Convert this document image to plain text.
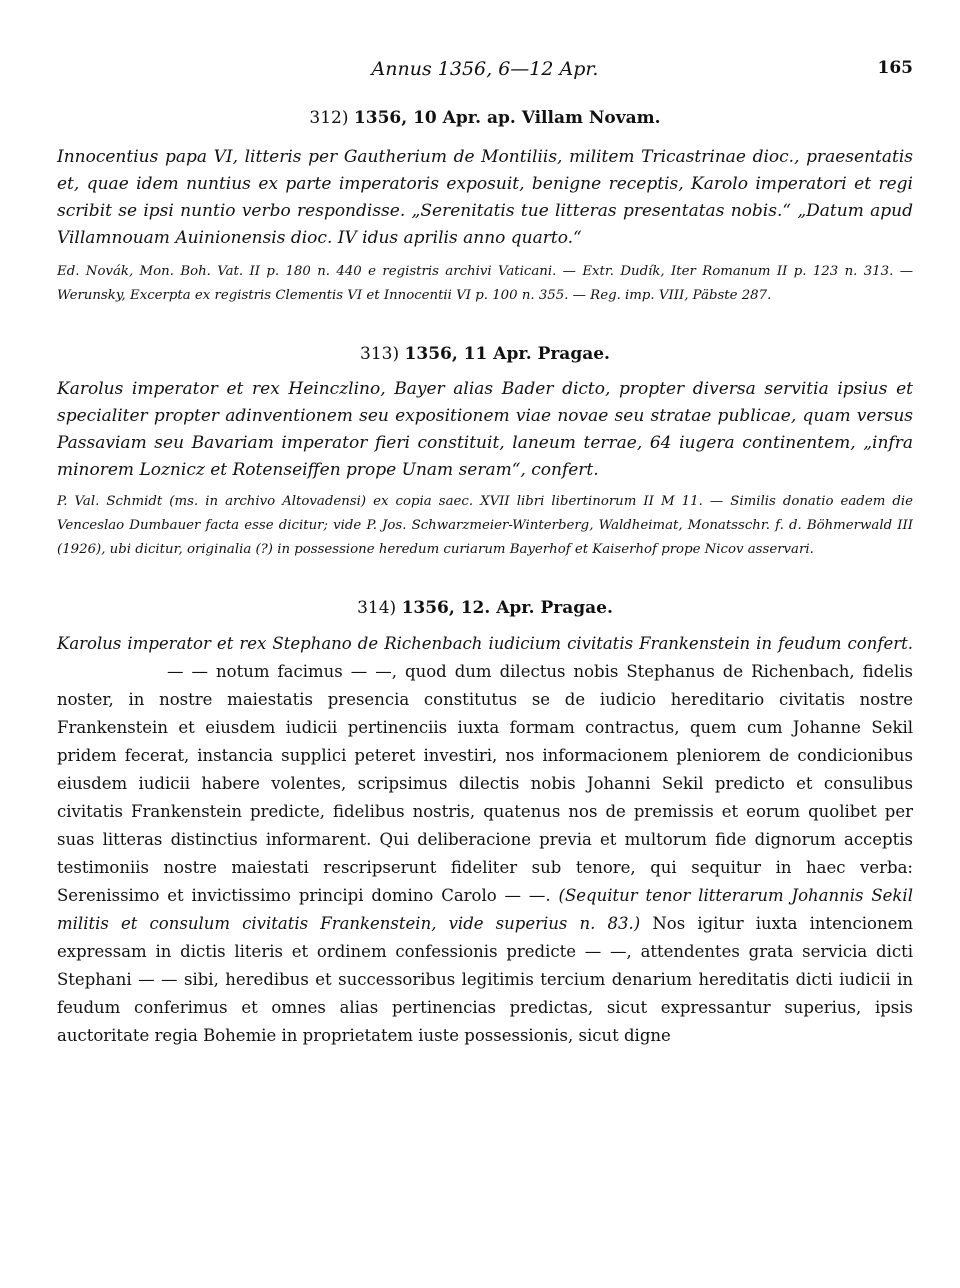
Annus 1356, 6—12 Apr.	165

312) 1356, 10 Apr. ap. Villam Novam.

Innocentius papa VI, litteris per Gautherium de Montiliis, militem Tricastrinae dioc., praesentatis et, quae idem nuntius ex parte imperatoris exposuit, benigne receptis, Karolo imperatori et regi scribit se ipsi nuntio verbo respondisse. „Serenitatis tue litteras presentatas nobis.“ „Datum apud Villamnouam Auinionensis dioc. IV idus aprilis anno quarto.“

Ed. Novák, Mon. Boh. Vat. II p. 180 n. 440 e registris archivi Vaticani. — Extr. Dudík, Iter Romanum II p. 123 n. 313. — Werunsky, Excerpta ex registris Clementis VI et Innocentii VI p. 100 n. 355. — Reg. imp. VIII, Päbste 287.

313) 1356, 11 Apr. Pragae.

Karolus imperator et rex Heinczlino, Bayer alias Bader dicto, propter diversa servitia ipsius et specialiter propter adinventionem seu expositionem viae novae seu stratae publicae, quam versus Passaviam seu Bavariam imperator fieri constituit, laneum terrae, 64 iugera continentem, „infra minorem Loznicz et Rotenseiffen prope Unam seram“, confert.

P. Val. Schmidt (ms. in archivo Altovadensi) ex copia saec. XVII libri libertinorum II M 11. — Similis donatio eadem die Venceslao Dumbauer facta esse dicitur; vide P. Jos. Schwarzmeier-Winterberg, Waldheimat, Monatsschr. f. d. Böhmerwald III (1926), ubi dicitur, originalia (?) in possessione heredum curiarum Bayerhof et Kaiserhof prope Nicov asservari.

314) 1356, 12. Apr. Pragae.

Karolus imperator et rex Stephano de Richenbach iudicium civitatis Frankenstein in feudum confert.— — notum facimus — —, quod dum dilectus nobis Stephanus de Richenbach, fidelis noster, in nostre maiestatis presencia constitutus se de iudicio hereditario civitatis nostre Frankenstein et eiusdem iudicii pertinenciis iuxta formam contractus, quem cum Johanne Sekil pridem fecerat, instancia supplici peteret investiri, nos informacionem pleniorem de condicionibus eiusdem iudicii habere volentes, scripsimus dilectis nobis Johanni Sekil predicto et consulibus civitatis Frankenstein predicte, fidelibus nostris, quatenus nos de premissis et eorum quolibet per suas litteras distinctius informarent. Qui deliberacione previa et multorum fide dignorum acceptis testimoniis nostre maiestati rescripserunt fideliter sub tenore, qui sequitur in haec verba: Serenissimo et invictissimo principi domino Carolo — —. (Sequitur tenor litterarum Johannis Sekil militis et consulum civitatis Frankenstein, vide superius n. 83.) Nos igitur iuxta intencionem expressam in dictis literis et ordinem confessionis predicte — —, attendentes grata servicia dicti Stephani — — sibi, heredibus et successoribus legitimis tercium denarium hereditatis dicti iudicii in feudum conferimus et omnes alias pertinencias predictas, sicut expressantur superius, ipsis auctoritate regia Bohemie in proprietatem iuste possessionis, sicut digne
